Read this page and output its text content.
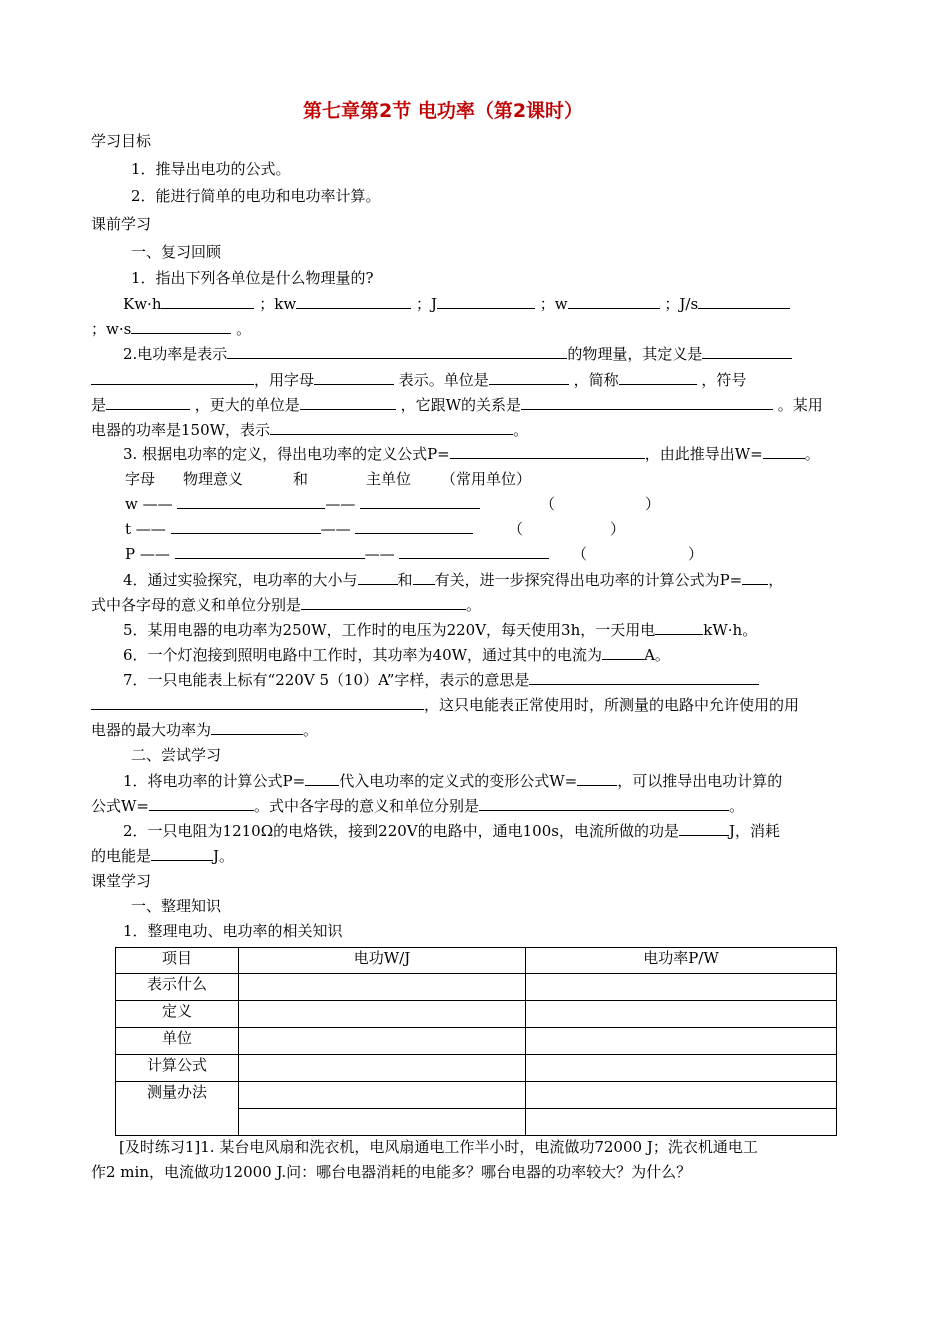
第七章第2节 电功率（第2课时）
学习目标
1．推导出电功的公式。
2．能进行简单的电功和电功率计算。
课前学习
一、复习回顾
1．指出下列各单位是什么物理量的?
Kw·h	；kw	；J	；w	；J/s
；w·s	。
2.电功率是表示	的物理量，其定义是
，用字母	表示。单位是	，简称	，符号
是	，更大的单位是	，它跟W的关系是	。某用
电器的功率是150W，表示	。
3. 根据电功率的定义，得出电功率的定义公式P=	，由此推导出W=	。
字母 物理意义	和	主单位 （常用单位）
w ——	——	（	）
t ——	——	（	）
P ——	——	（	）
4．通过实验探究，电功率的大小与	和 有关，进一步探究得出电功率的计算公式为P= ，
式中各字母的意义和单位分别是	。
5．某用电器的电功率为250W，工作时的电压为220V，每天使用3h，一天用电	kW·h。
6．一个灯泡接到照明电路中工作时，其功率为40W，通过其中的电流为	A。
7．一只电能表上标有“220V 5（10）A”字样，表示的意思是
，这只电能表正常使用时，所测量的电路中允许使用的用
电器的最大功率为	。
二、尝试学习
1．将电功率的计算公式P= 代入电功率的定义式的变形公式W=	，可以推导出电功计算的
公式W=	。式中各字母的意义和单位分别是	。
2．一只电阻为1210Ω的电烙铁，接到220V的电路中，通电100s，电流所做的功是	J，消耗
的电能是	J。
课堂学习
一、整理知识
1．整理电功、电功率的相关知识
项目	电功W/J	电功率P/W
表示什么		
定义		
单位		
计算公式		
测量办法		

[及时练习1]1. 某台电风扇和洗衣机，电风扇通电工作半小时，电流做功72000 J；洗衣机通电工
作2 min，电流做功12000 J.问：哪台电器消耗的电能多？哪台电器的功率较大？为什么？
